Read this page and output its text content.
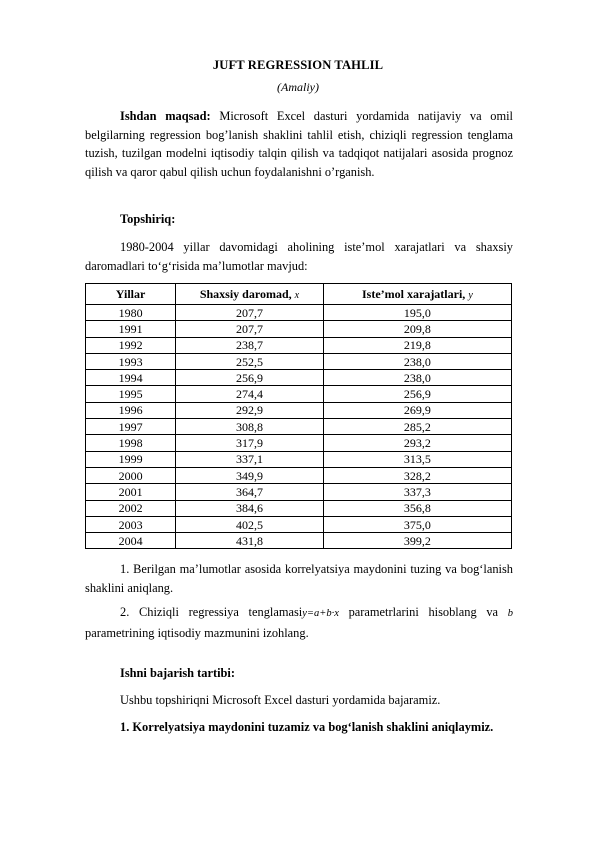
JUFT REGRESSION TAHLIL
(Amaliy)
Ishdan maqsad: Microsoft Excel dasturi yordamida natijaviy va omil belgilarning regression bog’lanish shaklini tahlil etish, chiziqli regression tenglama tuzish, tuzilgan modelni iqtisodiy talqin qilish va tadqiqot natijalari asosida prognoz qilish va qaror qabul qilish uchun foydalanishni o’rganish.
Topshiriq:
1980-2004 yillar davomidagi aholining iste’mol xarajatlari va shaxsiy daromadlari to‘g‘risida ma’lumotlar mavjud:
Yillar	Shaxsiy daromad, x	Iste’mol xarajatlari, y
1980	207,7	195,0
1991	207,7	209,8
1992	238,7	219,8
1993	252,5	238,0
1994	256,9	238,0
1995	274,4	256,9
1996	292,9	269,9
1997	308,8	285,2
1998	317,9	293,2
1999	337,1	313,5
2000	349,9	328,2
2001	364,7	337,3
2002	384,6	356,8
2003	402,5	375,0
2004	431,8	399,2
1. Berilgan ma’lumotlar asosida korrelyatsiya maydonini tuzing va bog‘lanish shaklini aniqlang.
2. Chiziqli regressiya tenglamasiy=a+b·x parametrlarini hisoblang va b parametrining iqtisodiy mazmunini izohlang.
Ishni bajarish tartibi:
Ushbu topshiriqni Microsoft Excel dasturi yordamida bajaramiz.
1. Korrelyatsiya maydonini tuzamiz va bog‘lanish shaklini aniqlaymiz.
